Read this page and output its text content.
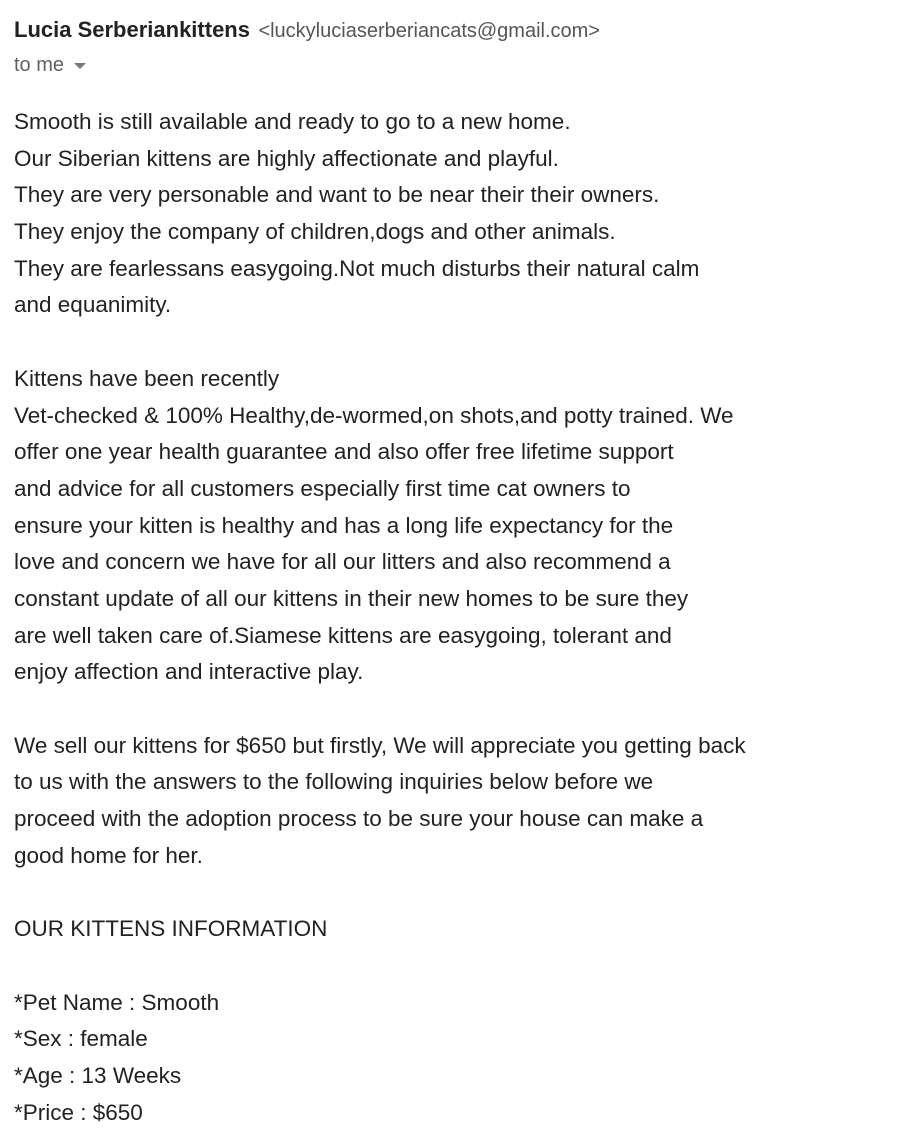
Lucia Serberiankittens <luckyluciaserberiancats@gmail.com>
to me
Smooth is still available and ready to go to a new home.
Our Siberian kittens are highly affectionate and playful.
They are very personable and want to be near their their owners.
They enjoy the company of children,dogs and other animals.
They are fearlessans easygoing.Not much disturbs their natural calm
and equanimity.
Kittens have been recently
Vet-checked & 100% Healthy,de-wormed,on shots,and potty trained. We
offer one year health guarantee and also offer free lifetime support
and advice for all customers especially first time cat owners to
ensure your kitten is healthy and has a long life expectancy for the
love and concern we have for all our litters and also recommend a
constant update of all our kittens in their new homes to be sure they
are well taken care of.Siamese kittens are easygoing, tolerant and
enjoy affection and interactive play.
We sell our kittens for $650 but firstly, We will appreciate you getting back
to us with the answers to the following inquiries below before we
proceed with the adoption process to be sure your house can make a
good home for her.
OUR KITTENS INFORMATION
*Pet Name : Smooth
*Sex : female
*Age : 13 Weeks
*Price : $650
